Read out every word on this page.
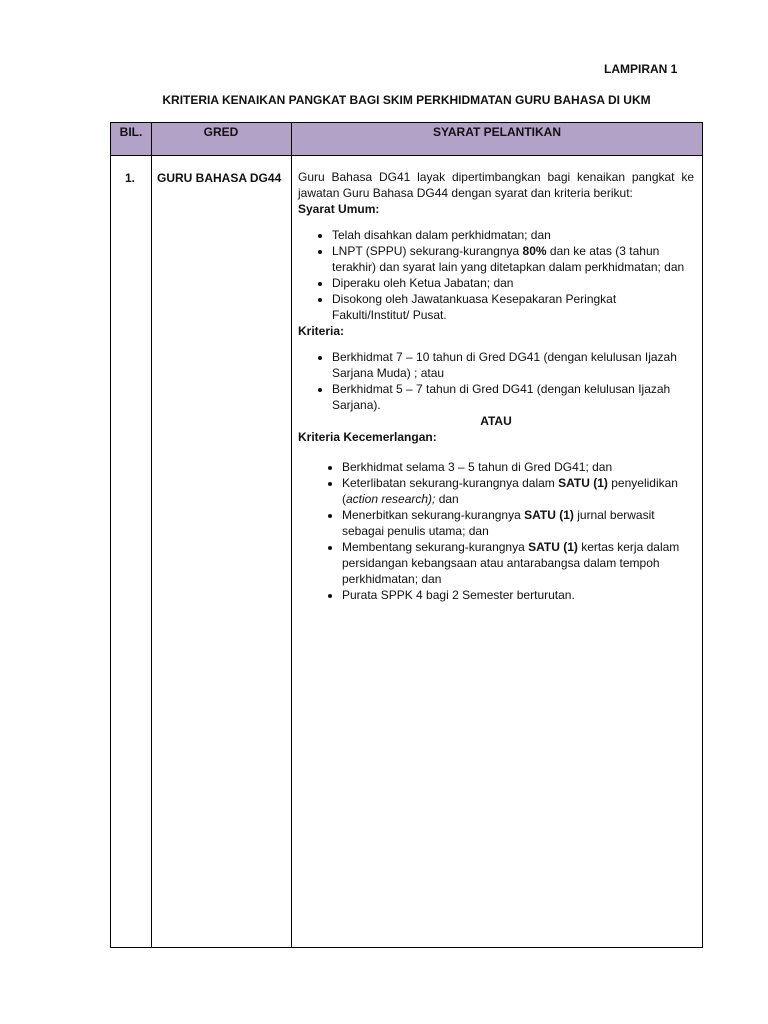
LAMPIRAN 1
KRITERIA KENAIKAN PANGKAT BAGI SKIM PERKHIDMATAN GURU BAHASA DI UKM
BIL.	GRED	SYARAT PELANTIKAN
1. GURU BAHASA DG44 Guru Bahasa DG41 layak dipertimbangkan bagi kenaikan pangkat ke jawatan Guru Bahasa DG44 dengan syarat dan kriteria berikut:

Syarat Umum:

• Telah disahkan dalam perkhidmatan; dan
• LNPT (SPPU) sekurang-kurangnya 80% dan ke atas (3 tahun terakhir) dan syarat lain yang ditetapkan dalam perkhidmatan; dan
• Diperaku oleh Ketua Jabatan; dan
• Disokong oleh Jawatankuasa Kesepakaran Peringkat Fakulti/Institut/ Pusat.

Kriteria:

• Berkhidmat 7 – 10 tahun di Gred DG41 (dengan kelulusan Ijazah Sarjana Muda) ; atau
• Berkhidmat 5 – 7 tahun di Gred DG41 (dengan kelulusan Ijazah Sarjana).

ATAU

Kriteria Kecemerlangan:

• Berkhidmat selama 3 – 5 tahun di Gred DG41; dan
• Keterlibatan sekurang-kurangnya dalam SATU (1) penyelidikan (action research); dan
• Menerbitkan sekurang-kurangnya SATU (1) jurnal berwasit sebagai penulis utama; dan
• Membentang sekurang-kurangnya SATU (1) kertas kerja dalam persidangan kebangsaan atau antarabangsa dalam tempoh perkhidmatan; dan
• Purata SPPK 4 bagi 2 Semester berturutan.
